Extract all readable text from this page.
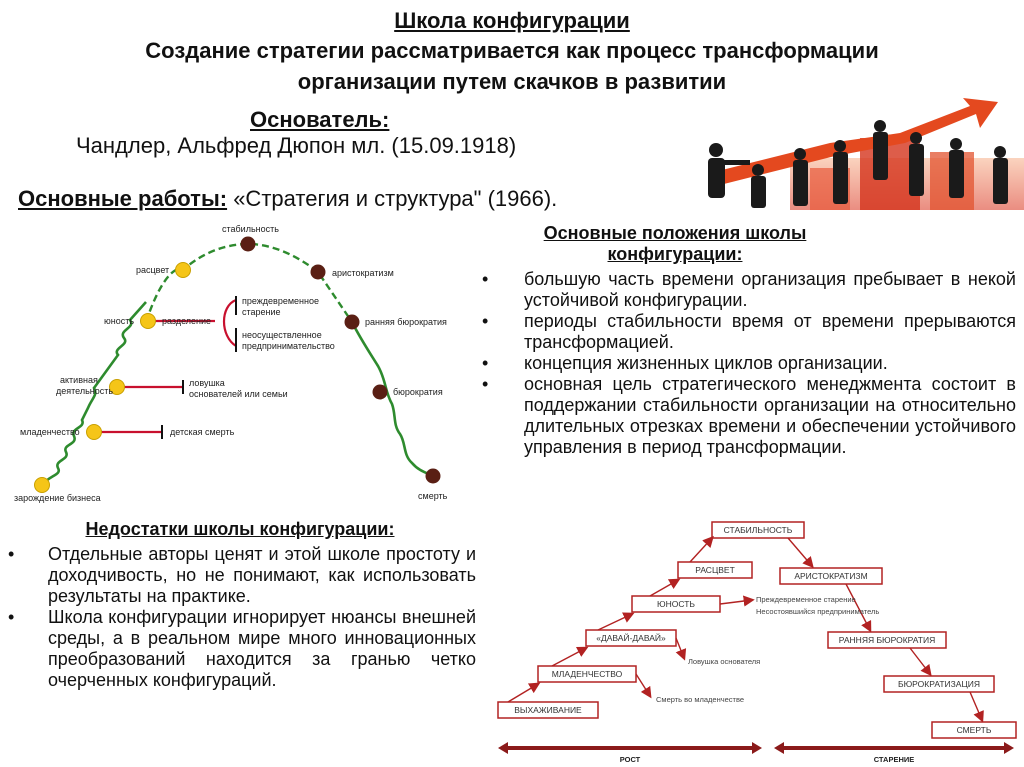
Школа конфигурации
Создание стратегии рассматривается как процесс трансформации
организации путем скачков в развитии
Основатель:
Чандлер, Альфред Дюпон мл. (15.09.1918)
Основные работы: «Стратегия и структура" (1966).
зарождение бизнеса
младенчество
активная
деятельность
юность
расцвет
стабильность
аристократизм
ранняя бюрократия
бюрократия
смерть
разделение
преждевременное
старение
неосуществленное
предпринимательство
ловушка
основателей или семьи
детская смерть
Основные положения школы
конфигурации:
•	большую часть времени организация пребывает в некой устойчивой конфигурации.
•	периоды стабильности время от времени прерываются трансформацией.
•	концепция жизненных циклов организации.
•	основная цель стратегического менеджмента состоит в поддержании стабильности организации на относительно длительных отрезках времени и обеспечении устойчивого управления в период трансформации.
Недостатки школы конфигурации:
•	Отдельные авторы ценят и этой школе простоту и доходчивость, но не понимают, как использовать результаты на практике.
•	Школа конфигурации игнорирует нюансы внешней среды, а в реальном мире много инновационных преобразований находится за гранью четко очерченных конфигураций.
СТАБИЛЬНОСТЬ
РАСЦВЕТ
АРИСТОКРАТИЗМ
ЮНОСТЬ
«ДАВАЙ-ДАВАЙ»	РАННЯЯ БЮРОКРАТИЯ
МЛАДЕНЧЕСТВО
БЮРОКРАТИЗАЦИЯ
ВЫХАЖИВАНИЕ
СМЕРТЬ
Преждевременное старение
Несостоявшийся предприниматель
Ловушка основателя
Смерть во младенчестве
РОСТ	СТАРЕНИЕ
